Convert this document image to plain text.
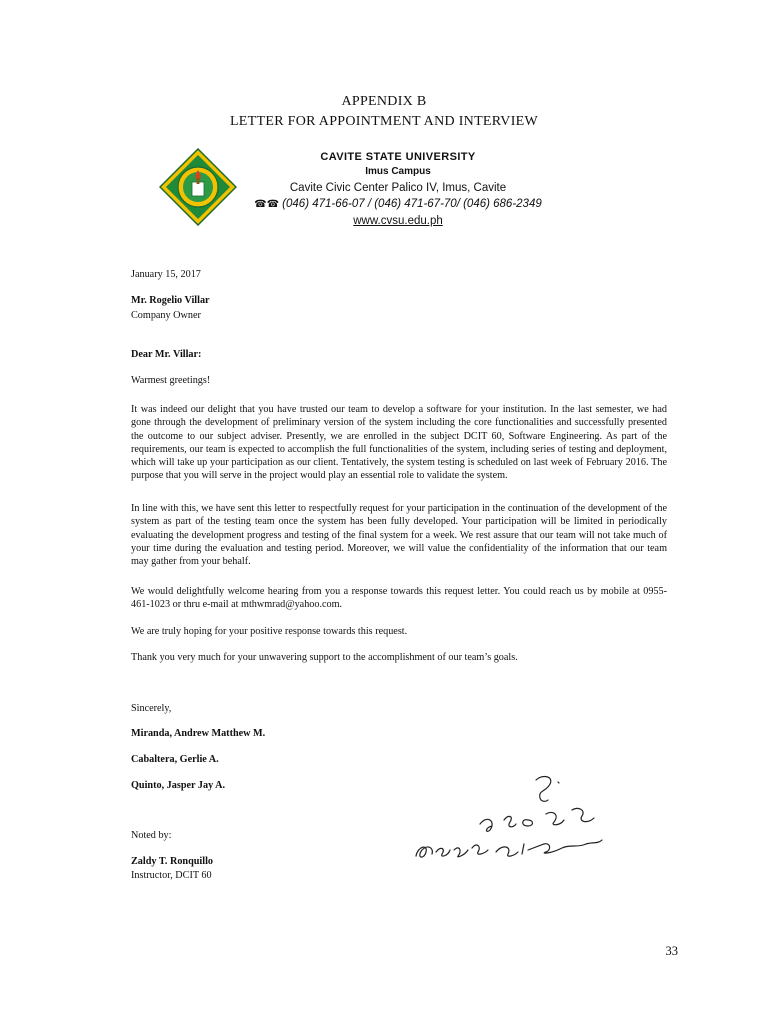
APPENDIX B
LETTER FOR APPOINTMENT AND INTERVIEW
CAVITE STATE UNIVERSITY
Imus Campus
Cavite Civic Center Palico IV, Imus, Cavite
☎☎ (046) 471-66-07 / (046) 471-67-70/ (046) 686-2349
www.cvsu.edu.ph
January 15, 2017
Mr. Rogelio Villar
Company Owner
Dear Mr. Villar:
Warmest greetings!
It was indeed our delight that you have trusted our team to develop a software for your institution. In the last semester, we had gone through the development of preliminary version of the system including the core functionalities and successfully presented the outcome to our subject adviser. Presently, we are enrolled in the subject DCIT 60, Software Engineering. As part of the requirements, our team is expected to accomplish the full functionalities of the system, including series of testing and deployment, which will take up your participation as our client. Tentatively, the system testing is scheduled on last week of February 2016. The purpose that you will serve in the project would play an essential role to validate the system.
In line with this, we have sent this letter to respectfully request for your participation in the continuation of the development of the system as part of the testing team once the system has been fully developed. Your participation will be limited in periodically evaluating the development progress and testing of the final system for a week. We rest assure that our team will not take much of your time during the evaluation and testing period. Moreover, we will value the confidentiality of the information that our team may gather from your behalf.
We would delightfully welcome hearing from you a response towards this request letter. You could reach us by mobile at 0955-461-1023 or thru e-mail at mthwmrad@yahoo.com.
We are truly hoping for your positive response towards this request.
Thank you very much for your unwavering support to the accomplishment of our team’s goals.
Sincerely,
Miranda, Andrew Matthew M.
Cabaltera, Gerlie A.
Quinto, Jasper Jay A.
Noted by:
Zaldy T. Ronquillo
Instructor, DCIT 60
33
